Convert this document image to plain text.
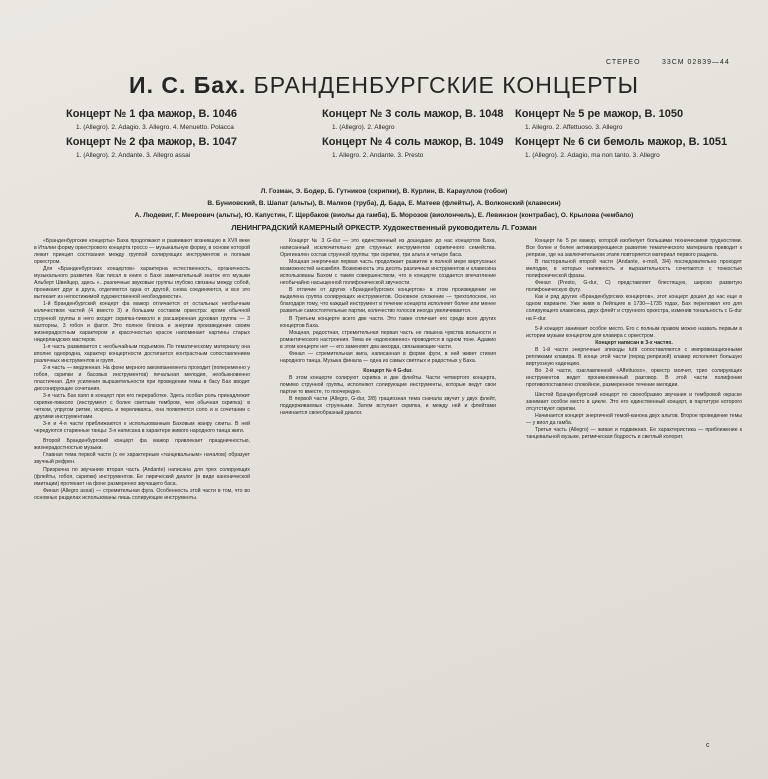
СТЕРЕО	33СМ 02839—44
И. С. Бах. БРАНДЕНБУРГСКИЕ КОНЦЕРТЫ
Концерт № 1 фа мажор, B. 1046
1. (Allegro). 2. Adagio. 3. Allegro. 4. Menuetto. Polacca
Концерт № 2 фа мажор, B. 1047
1. (Allegro). 2. Andante. 3. Allegro assai
Концерт № 3 соль мажор, B. 1048
1. (Allegro). 2. Allegro
Концерт № 4 соль мажор, B. 1049
1. Allegro. 2. Andante. 3. Presto
Концерт № 5 ре мажор, B. 1050
1. Allegro. 2. Affettuoso. 3. Allegro
Концерт № 6 си бемоль мажор, B. 1051
1. (Allegro). 2. Adagio, ma non tanto. 3. Allegro
Л. Гозман, Э. Бодер, Б. Гутников (скрипки), В. Курлин, В. Карауллов (гобои)
В. Буниовский, В. Шапат (альты), В. Малков (труба), Д. Бада, Е. Матеев (флейты), А. Волконский (клавесин)
А. Людевиг, Г. Меерович (альты), Ю. Капустин, Г. Щербаков (виолы да гамба), Б. Морозов (виолончель), Е. Левинзон (контрабас), О. Крылова (чембало)
ЛЕНИНГРАДСКИЙ КАМЕРНЫЙ ОРКЕСТР. Художественный руководитель Л. Гозман

«Бранденбургские концерты» Баха продолжают и развивают возникшую в XVII веке в Италии форму оркестрового концерта гроссо — музыкальную форму, в основе которой лежит принцип состязания между группой солирующих инструментов и полным оркестром.

Для «Бранденбургских концертов» характерна естественность, органичность музыкального развития. Как писал в книге о Бахе замечательный знаток его музыки Альберт Швейцер, здесь «...различные звуковые группы глубоко связаны между собой, проникают друг в друга, отделяются одна от другой, снова соединяются, и все это вытекает из непостижимой художественной необходимости».

1-й Бранденбургский концерт фа мажор отличается от остальных необычным количеством частей (4 вместо 3) и большим составом оркестра: кроме обычной струнной группы в него входят скрипка-пикколо и расширенная духовая группа — 3 валторны, 3 гобоя и фагот. Это полное блеска и энергии произведение своим жизнерадостным характером и красочностью красок напоминает картины старых нидерландских мастеров.

1-я часть развивается с необычайным подъемом. По тематическому материалу она вполне однородна, характер концертности достигается контрастным сопоставлением различных инструментов и групп.

2-я часть — медленная. На фоне мерного аккомпанемента проходит (попеременно у гобоя, скрипки и басовых инструментов) печальная мелодия, необыкновенно пластичная. Для усиления выразительности при проведении темы в басу Бах вводит диссонирующие сочетания.

3-я часть Бах взял в концерт при его переработке. Здесь особая роль принадлежит скрипке-пикколо (инструмент с более светлым тембром, чем обычная скрипка): в четком, упругом ритме, искрясь и переливаясь, она появляется соло и в сочетании с другими инструментами.

3-я и 4-я части приближаются к использованным Баховым жанру сюиты. В ней чередуются старинные танцы: 3-я написана в характере живого народного танца жиги.

Второй Бранденбургский концерт фа мажор привлекает праздничностью, жизнерадостностью музыки.

Главная тема первой части (с ее характерным «танцевальным» началом) образует звучный рефрен.

Призрачна по звучанию вторая часть (Andante) написана для трех солирующих (флейты, гобоя, скрипки) инструментов. Ее лирический диалог (в виде канонической имитации) протекает на фоне размеренно звучащего баса.

Финал (Allegro assai) — стремительная фуга. Особенность этой части в том, что во основных разделах использованы лишь солирующие инструменты.

Концерт № 3 G-dur — это единственный из дошедших до нас концертов Баха, написанный исключительно для струнных инструментов скрипичного семейства. Оригинален состав струнной группы: три скрипки, три альта и четыре баса.

Мощная энергичная первая часть продолжает развитие в полной мере виртуозных возможностей ансамбля. Возможность эта десять различных инструментов и клавесина использованы Бахом с таким совершенством, что в концерте создается впечатление необычайно насыщенной полифонической звучности.

В отличие от других «Бранденбургских концертов» в этом произведении не выделена группа солирующих инструментов. Основное сложение — трехголосное, но благодаря тому, что каждый инструмент в течение концерта исполняет более или менее развитые самостоятельные партии, количество голосов иногда увеличивается.

В Третьем концерте всего две части. Это также отличает его среди всех других концертов Баха.

Мощная, радостная, стремительная первая часть не лишена чувства вольности и романтического настроения. Тема ее «вдохновенно» проводится в одном тоне. Адажио в этом концерте нет — его заменяют два аккорда, связывающие части.

Финал — стремительная жига, написанная в форме фуги, в ней живет стихия народного танца. Музыка финала — одна из самых светлых и радостных у Баха.

Концерт № 4 G-dur.

В этом концерте солируют скрипка и две флейты. Части четвертого концерта, помимо струнной группы, исполняют солирующие инструменты, которые ведут свои партии то вместе, то поочередно.

В первой части (Allegro, G-dur, 3/8) грациозная тема сначала звучит у двух флейт, поддерживаемых струнными. Затем вступает скрипка, и между ней и флейтами начинается своеобразный диалог.

Концерт № 5 ре мажор, которой изобилует большими техническими трудностями. Все более и более активизирующиеся развитие тематического материала приводит к репризе, где на заключительном этапе повторяется материал первого раздела.

В пасторальной второй части (Andante, e-moll, 3/4) последовательно проходят мелодии, в которых напевность и выразительность сочетаются с тонкостью полифонической фразы.

Финал (Presto, G-dur, C) представляет блестящую, широко развитую полифоническую фугу.

Как и ряд других «Бранденбургских концертов», этот концерт дошел до нас еще в одном варианте. Уже живя в Лейпциге в 1730—1735 годах, Бах переложил его для солирующего клавесина, двух флейт и струнного оркестра, изменив тональность с G-dur на F-dur.

5-й концерт занимает особое место. Его с полным правом можно назвать первым в истории музыки концертом для клавира с оркестром.

Концерт написан в 3-х частях.

В 1-й части энергичные эпизоды tutti сопоставляются с импровизационными репликами клавира. В конце этой части (перед репризой) клавир исполняет большую виртуозную каденцию.

Во 2-й части, озаглавленной «Affettuoso», оркестр молчит, трио солирующих инструментов ведет проникновенный разговор. В этой части полифонии противопоставлено спокойное, размеренное течение мелодии.

Шестой Бранденбургский концерт по своеобразию звучания и тембровой окраске занимает особое место в цикле. Это его единственный концерт, в партитуре которого отсутствуют скрипки.

Начинается концерт энергичной темой-канона двух альтов. Второе проведение темы — у виол да гамба.

Третья часть (Allegro) — живая и подвижная. Ее характеристика — приближение к танцевальной музыке, ритмическая бодрость и светлый колорит.

с
